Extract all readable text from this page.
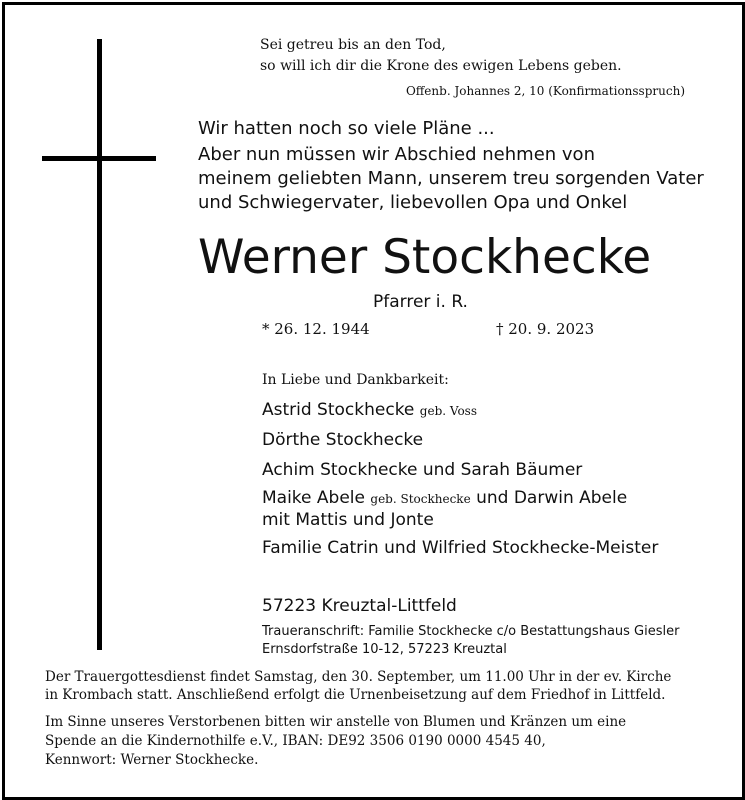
Sei getreu bis an den Tod,

so will ich dir die Krone des ewigen Lebens geben.

Offenb. Johannes 2, 10 (Konfirmationsspruch)

Wir hatten noch so viele Pläne ...

Aber nun müssen wir Abschied nehmen von

meinem geliebten Mann, unserem treu sorgenden Vater

und Schwiegervater, liebevollen Opa und Onkel

Werner Stockhecke

Pfarrer i. R.

* 26. 12. 1944	† 20. 9. 2023

In Liebe und Dankbarkeit:

Astrid Stockhecke geb. Voss

Dörthe Stockhecke

Achim Stockhecke und Sarah Bäumer

Maike Abele geb. Stockhecke und Darwin Abele

mit Mattis und Jonte

Familie Catrin und Wilfried Stockhecke-Meister

57223 Kreuztal-Littfeld

Traueranschrift: Familie Stockhecke c/o Bestattungshaus Giesler

Ernsdorfstraße 10-12, 57223 Kreuztal

Der Trauergottesdienst findet Samstag, den 30. September, um 11.00 Uhr in der ev. Kirche

in Krombach statt. Anschließend erfolgt die Urnenbeisetzung auf dem Friedhof in Littfeld.

Im Sinne unseres Verstorbenen bitten wir anstelle von Blumen und Kränzen um eine

Spende an die Kindernothilfe e.V., IBAN: DE92 3506 0190 0000 4545 40,

Kennwort: Werner Stockhecke.
